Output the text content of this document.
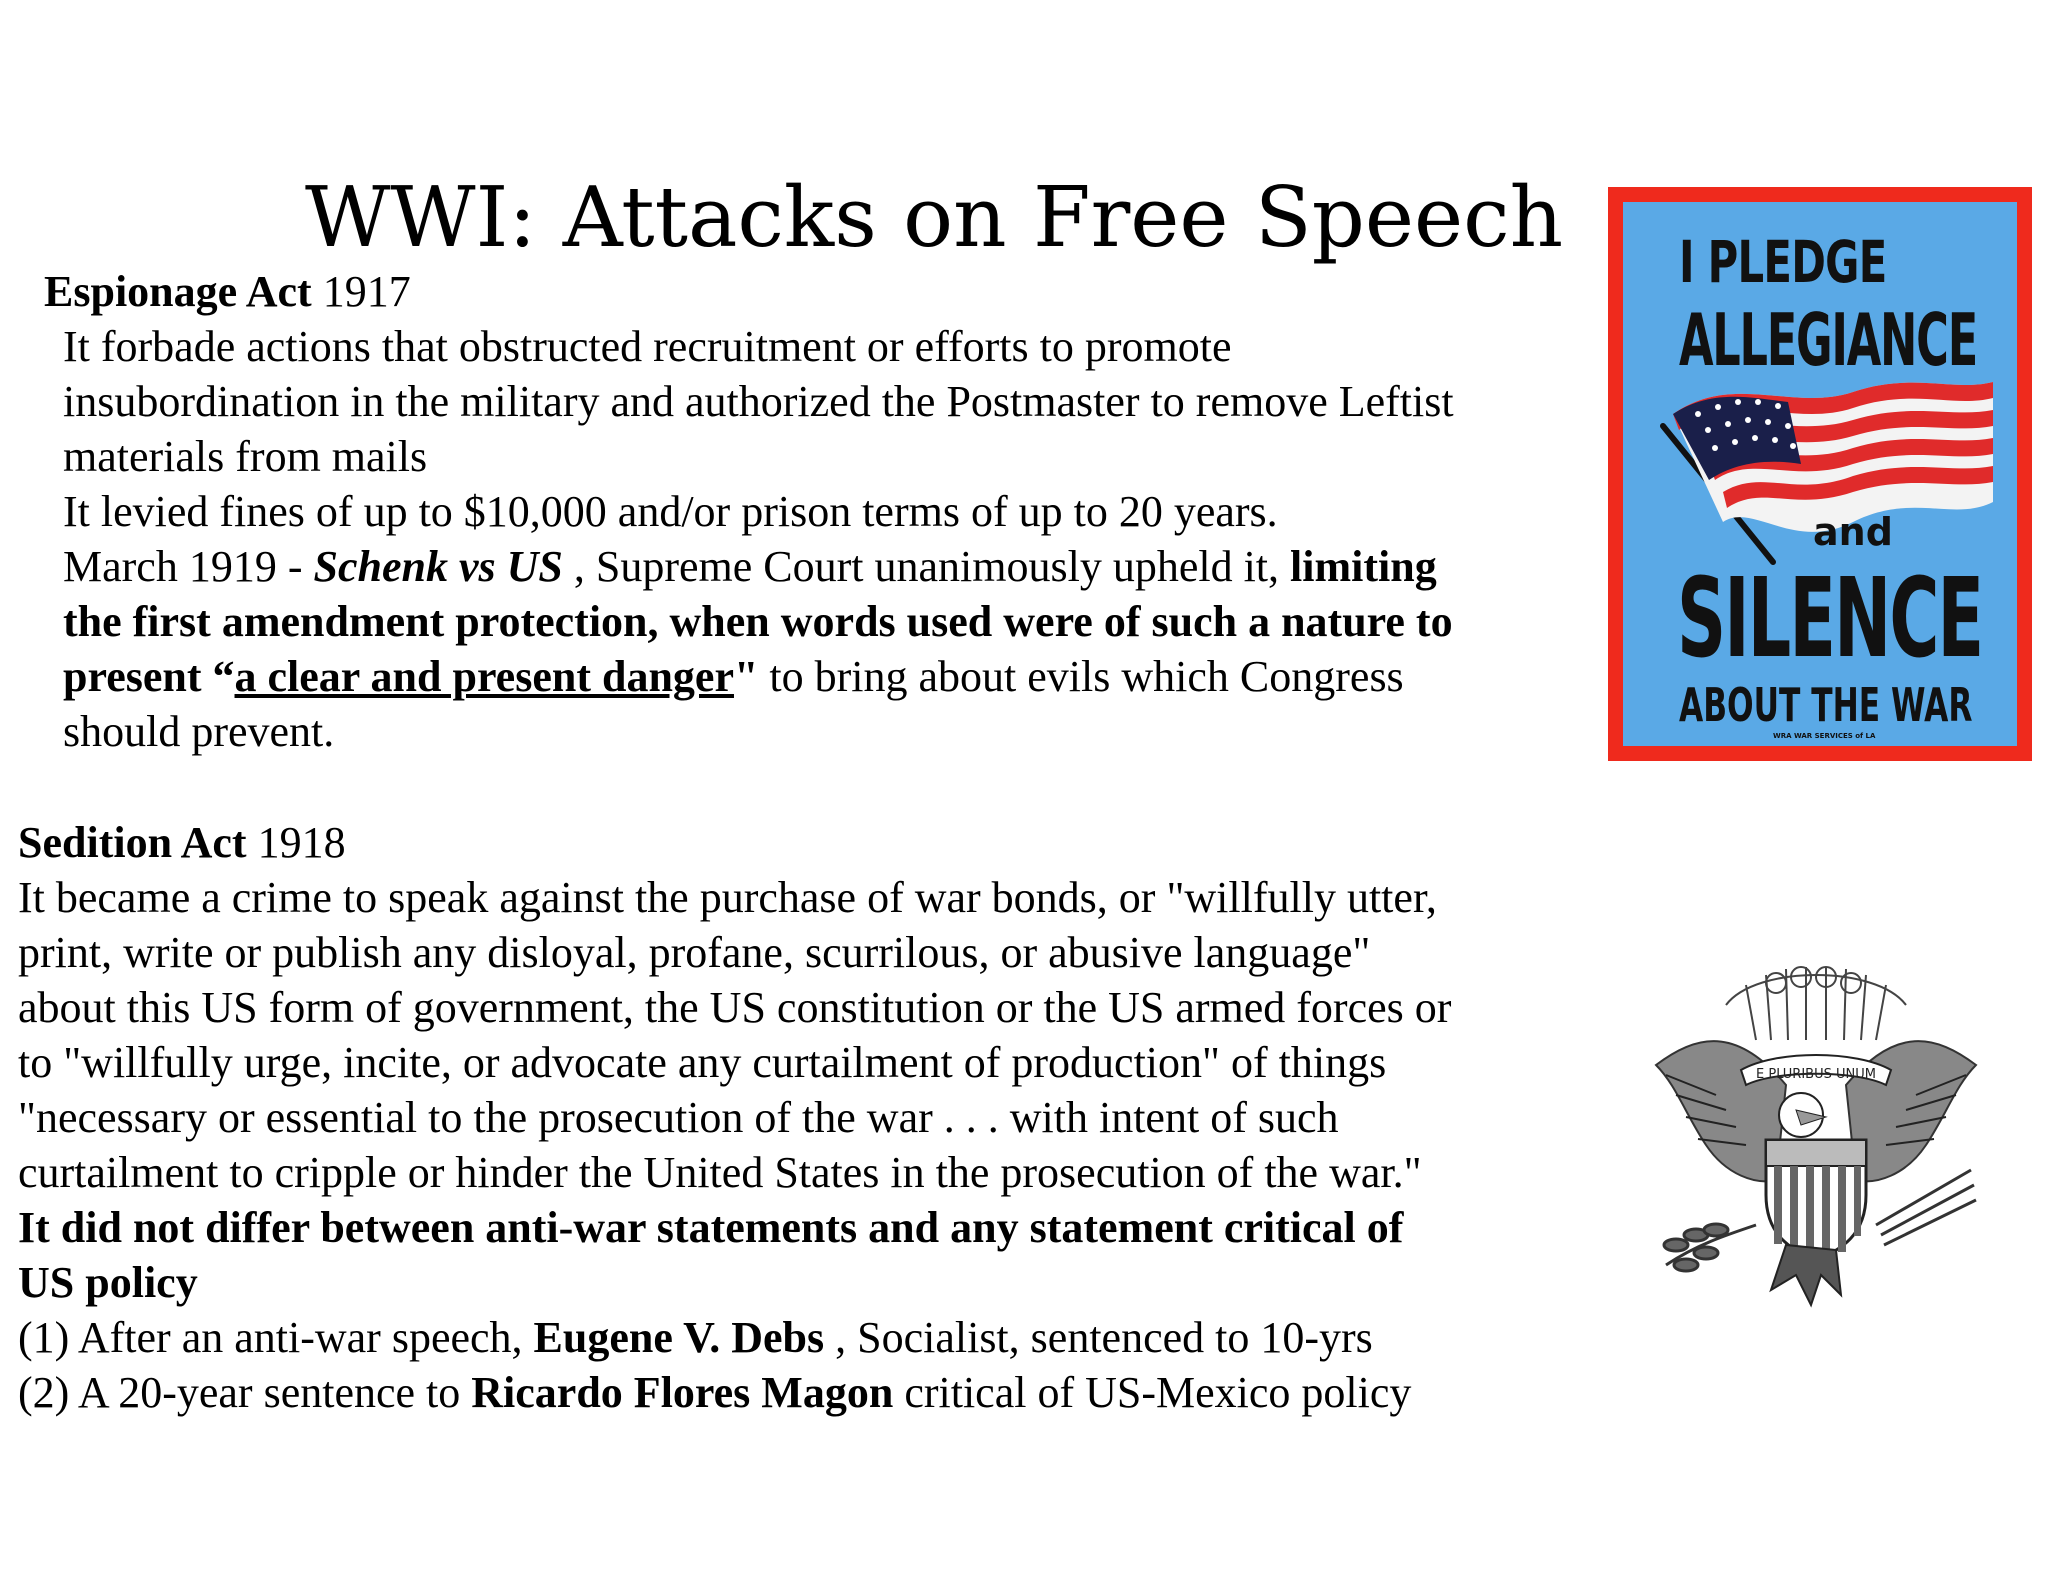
WWI: Attacks on Free Speech
Espionage Act 1917
It forbade actions that obstructed recruitment or efforts to promote
insubordination in the military and authorized the Postmaster to remove Leftist
materials from mails
It levied fines of up to $10,000 and/or prison terms of up to 20 years.
March 1919 - Schenk vs US , Supreme Court unanimously upheld it, limiting
the first amendment protection, when words used were of such a nature to
present “a clear and present danger" to bring about evils which Congress
should prevent.
Sedition Act 1918
It became a crime to speak against the purchase of war bonds, or "willfully utter,
print, write or publish any disloyal, profane, scurrilous, or abusive language"
about this US form of government, the US constitution or the US armed forces or
to "willfully urge, incite, or advocate any curtailment of production" of things
"necessary or essential to the prosecution of the war . . . with intent of such
curtailment to cripple or hinder the United States in the prosecution of the war."
It did not differ between anti-war statements and any statement critical of
US policy
(1) After an anti-war speech, Eugene V. Debs , Socialist, sentenced to 10-yrs
(2) A 20-year sentence to Ricardo Flores Magon critical of US-Mexico policy
I PLEDGE
ALLEGIANCE
and
SILENCE
ABOUT THE WAR
WRA WAR SERVICES of LA
E PLURIBUS UNUM
